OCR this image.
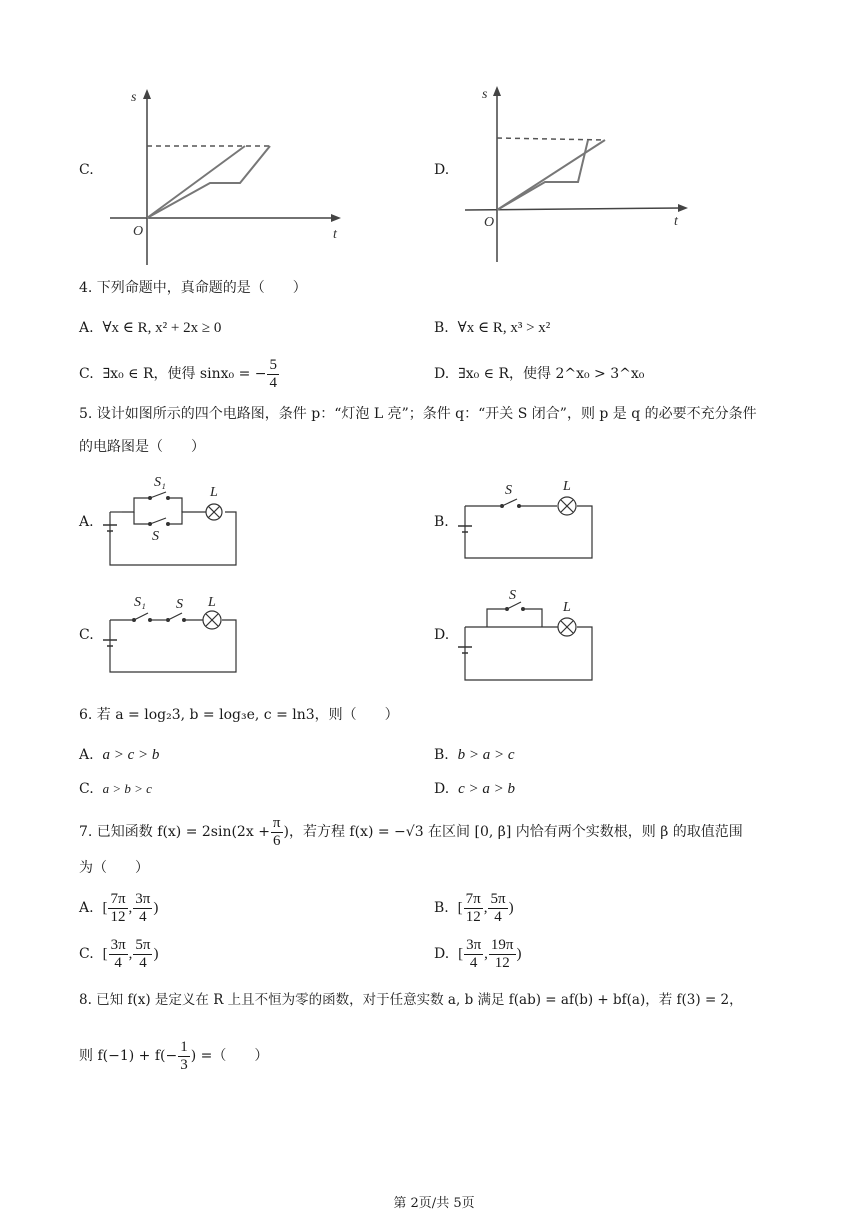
C.
s
t
O
D.
s
t
O
4. 下列命题中，真命题的是（　　）
A. ∀x ∈ R, x² + 2x ≥ 0	B. ∀x ∈ R, x³ > x²
C. ∃x₀ ∈ R，使得 sinx₀ = − $\frac{5}{4}$	D. ∃x₀ ∈ R，使得 2^x₀ > 3^x₀
5. 设计如图所示的四个电路图，条件 p：“灯泡 L 亮”；条件 q：“开关 S 闭合”，则 p 是 q 的必要不充分条件
的电路图是（　　）
A.
S₁
S
L
B.
S	L
C.
S₁ S L
D.
S
L
6. 若 a = log₂3, b = log₃e, c = ln3，则（　　）
A. a > c > b	B. b > a > c
C. a > b > c	D. c > a > b
7. 已知函数 $f(x) = 2\sin(2x + \frac{\pi}{6}$ )，若方程 f(x) = −√3 在区间 [0, β] 内恰有两个实数根，则 β 的取值范围
为（　　）
A. [ $\frac{7\pi}{12}$ , $\frac{3\pi}{4}$ )	B. [ $\frac{7\pi}{12}$ , $\frac{5\pi}{4}$ )
C. [ $\frac{3\pi}{4}$ , $\frac{5\pi}{4}$ )	D. [ $\frac{3\pi}{4}$ , $\frac{19\pi}{12}$ )
8. 已知 f(x) 是定义在 R 上且不恒为零的函数，对于任意实数 a, b 满足 f(ab) = af(b) + bf(a)，若 f(3) = 2，
则 $f(-1) + f(- \frac{1}{3}$ ) =（　　）
第 2页/共 5页
